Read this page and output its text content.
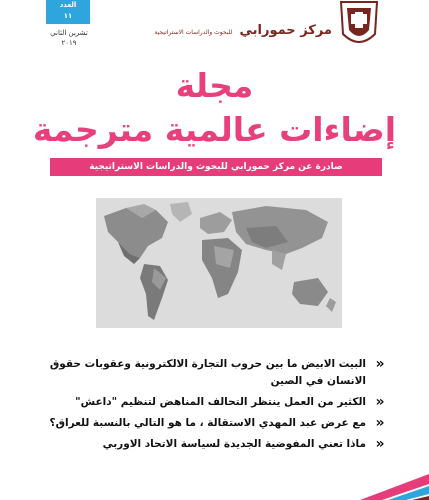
العدد
١١
تشرين الثاني
٢٠١٩
مركز حمورابي للبحوث والدراسات الاستراتيجية
مجلة
إضاءات عالمية مترجمة
صادرة عن مركز حمورابي للبحوث والدراسات الاستراتيجية
«
البيت الابيض ما بين حروب التجارة الالكترونية وعقوبات حقوق الانسان في الصين
«
الكثير من العمل ينتظر التحالف المناهض لتنظيم "داعش"
«
مع عرض عبد المهدي الاستقالة ، ما هو التالي بالنسبة للعراق؟
«
ماذا تعني المفوضية الجديدة لسياسة الاتحاد الاوربي
